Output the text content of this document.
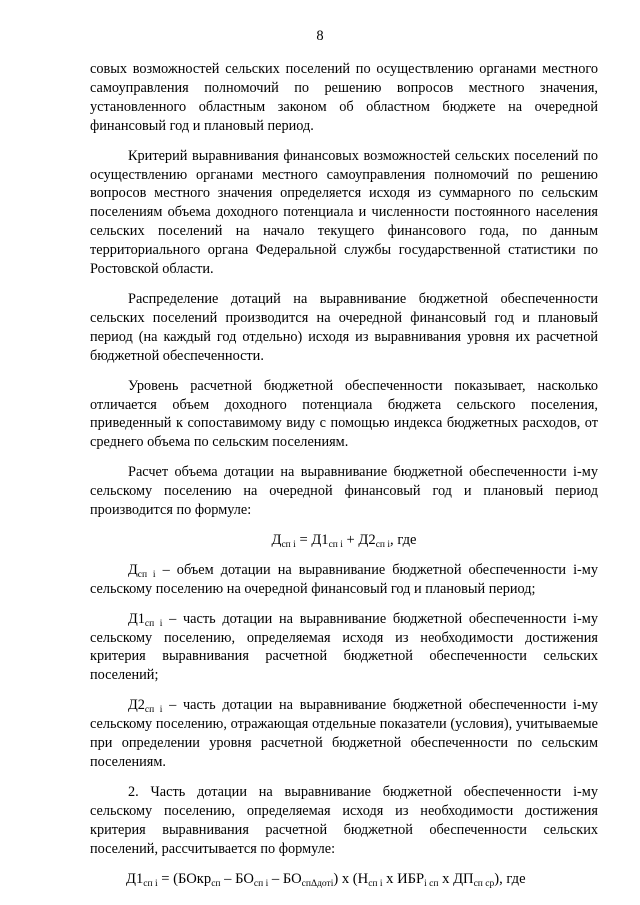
8

совых возможностей сельских поселений по осуществлению органами местного самоуправления полномочий по решению вопросов местного значения, установленного областным законом об областном бюджете на очередной финансовый год и плановый период.

Критерий выравнивания финансовых возможностей сельских поселений по осуществлению органами местного самоуправления полномочий по решению вопросов местного значения определяется исходя из суммарного по сельским поселениям объема доходного потенциала и численности постоянного населения сельских поселений на начало текущего финансового года, по данным территориального органа Федеральной службы государственной статистики по Ростовской области.

Распределение дотаций на выравнивание бюджетной обеспеченности сельских поселений производится на очередной финансовый год и плановый период (на каждый год отдельно) исходя из выравнивания уровня их расчетной бюджетной обеспеченности.

Уровень расчетной бюджетной обеспеченности показывает, насколько отличается объем доходного потенциала бюджета сельского поселения, приведенный к сопоставимому виду с помощью индекса бюджетных расходов, от среднего объема по сельским поселениям.

Расчет объема дотации на выравнивание бюджетной обеспеченности i-му сельскому поселению на очередной финансовый год и плановый период производится по формуле:

$Д_{сп i} = Д1_{сп i} + Д2_{сп i}$, где

$Д_{сп i}$ – объем дотации на выравнивание бюджетной обеспеченности i-му сельскому поселению на очередной финансовый год и плановый период;

$Д1_{сп i}$ – часть дотации на выравнивание бюджетной обеспеченности i-му сельскому поселению, определяемая исходя из необходимости достижения критерия выравнивания расчетной бюджетной обеспеченности сельских поселений;

$Д2_{сп i}$ – часть дотации на выравнивание бюджетной обеспеченности i-му сельскому поселению, отражающая отдельные показатели (условия), учитываемые при определении уровня расчетной бюджетной обеспеченности по сельским поселениям.

2. Часть дотации на выравнивание бюджетной обеспеченности i-му сельскому поселению, определяемая исходя из необходимости достижения критерия выравнивания расчетной бюджетной обеспеченности сельских поселений, рассчитывается по формуле:

$Д1_{сп i}$ = (БОкр$_{сп}$ – $БО_{сп i} - БО_{сп\Delta доті}$) х ($Н_{сп i}$ х $ИБР_{i сп}$ х $ДП_{сп ср}$), где
